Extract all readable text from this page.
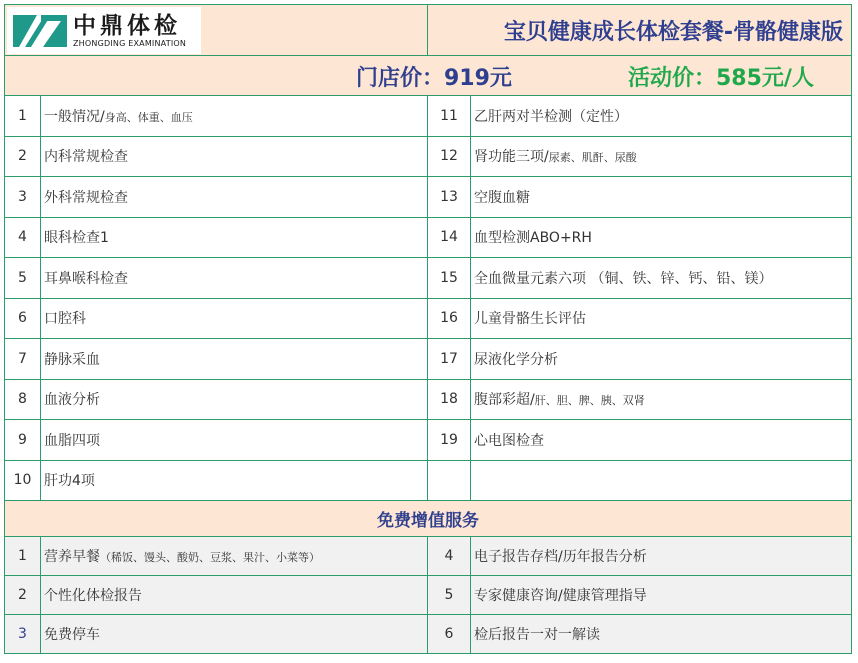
中鼎体检
ZHONGDING EXAMINATION		宝贝健康成长体检套餐-骨骼健康版	

1	一般情况/身高、体重、血压	11	乙肝两对半检测（定性）
2	内科常规检查	12	肾功能三项/尿素、肌酐、尿酸
3	外科常规检查	13	空腹血糖
4	眼科检查1	14	血型检测ABO+RH
5	耳鼻喉科检查	15	全血微量元素六项 （铜、铁、锌、钙、铅、镁）
6	口腔科	16	儿童骨骼生长评估
7	静脉采血	17	尿液化学分析
8	血液分析	18	腹部彩超/肝、胆、脾、胰、双肾
9	血脂四项	19	心电图检查
10	肝功4项		
免费增值服务			
1	营养早餐（稀饭、馒头、酸奶、豆浆、果汁、小菜等）	4	电子报告存档/历年报告分析
2	个性化体检报告	5	专家健康咨询/健康管理指导
3	免费停车	6	检后报告一对一解读
门店价：919元	活动价：585元/人
